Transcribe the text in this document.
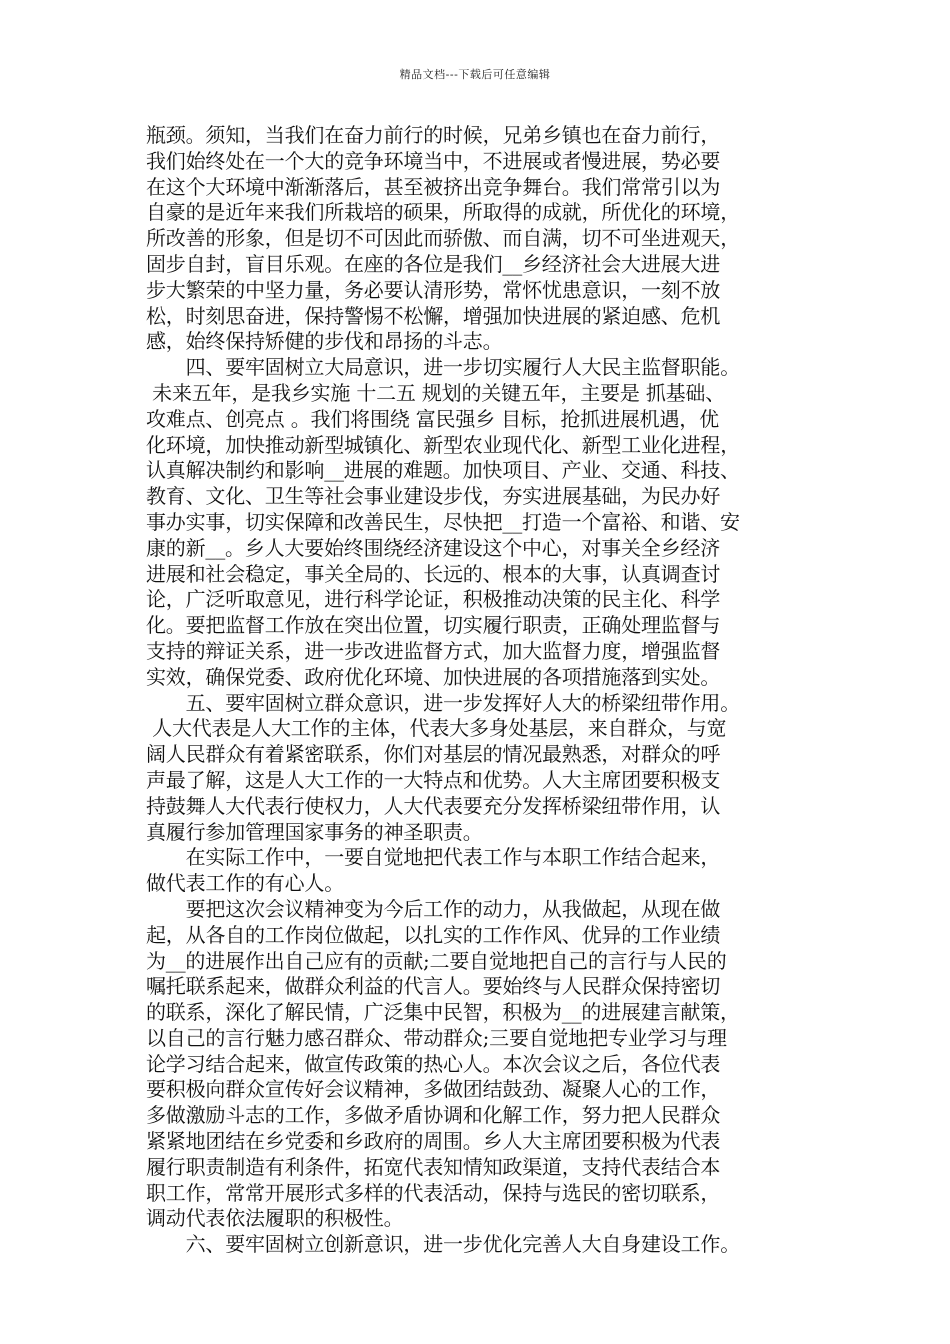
精品文档---下载后可任意编辑
瓶颈。须知，当我们在奋力前行的时候，兄弟乡镇也在奋力前行，
我们始终处在一个大的竞争环境当中，不进展或者慢进展，势必要
在这个大环境中渐渐落后，甚至被挤出竞争舞台。我们常常引以为
自豪的是近年来我们所栽培的硕果，所取得的成就，所优化的环境，
所改善的形象，但是切不可因此而骄傲、而自满，切不可坐进观天，
固步自封，盲目乐观。在座的各位是我们__乡经济社会大进展大进
步大繁荣的中坚力量，务必要认清形势，常怀忧患意识，一刻不放
松，时刻思奋进，保持警惕不松懈，增强加快进展的紧迫感、危机
感，始终保持矫健的步伐和昂扬的斗志。
　　四、要牢固树立大局意识，进一步切实履行人大民主监督职能。
未来五年，是我乡实施 十二五 规划的关键五年，主要是 抓基础、
攻难点、创亮点 。我们将围绕 富民强乡 目标，抢抓进展机遇，优
化环境，加快推动新型城镇化、新型农业现代化、新型工业化进程，
认真解决制约和影响__进展的难题。加快项目、产业、交通、科技、
教育、文化、卫生等社会事业建设步伐，夯实进展基础，为民办好
事办实事，切实保障和改善民生，尽快把__打造一个富裕、和谐、安
康的新__。乡人大要始终围绕经济建设这个中心，对事关全乡经济
进展和社会稳定，事关全局的、长远的、根本的大事，认真调查讨
论，广泛听取意见，进行科学论证，积极推动决策的民主化、科学
化。要把监督工作放在突出位置，切实履行职责，正确处理监督与
支持的辩证关系，进一步改进监督方式，加大监督力度，增强监督
实效，确保党委、政府优化环境、加快进展的各项措施落到实处。
　　五、要牢固树立群众意识，进一步发挥好人大的桥梁纽带作用。
人大代表是人大工作的主体，代表大多身处基层，来自群众，与宽
阔人民群众有着紧密联系，你们对基层的情况最熟悉，对群众的呼
声最了解，这是人大工作的一大特点和优势。人大主席团要积极支
持鼓舞人大代表行使权力，人大代表要充分发挥桥梁纽带作用，认
真履行参加管理国家事务的神圣职责。
　　在实际工作中，一要自觉地把代表工作与本职工作结合起来，
做代表工作的有心人。
　　要把这次会议精神变为今后工作的动力，从我做起，从现在做
起，从各自的工作岗位做起，以扎实的工作作风、优异的工作业绩
为__的进展作出自己应有的贡献;二要自觉地把自己的言行与人民的
嘱托联系起来，做群众利益的代言人。要始终与人民群众保持密切
的联系，深化了解民情，广泛集中民智，积极为__的进展建言献策，
以自己的言行魅力感召群众、带动群众;三要自觉地把专业学习与理
论学习结合起来，做宣传政策的热心人。本次会议之后，各位代表
要积极向群众宣传好会议精神，多做团结鼓劲、凝聚人心的工作，
多做激励斗志的工作，多做矛盾协调和化解工作，努力把人民群众
紧紧地团结在乡党委和乡政府的周围。乡人大主席团要积极为代表
履行职责制造有利条件，拓宽代表知情知政渠道，支持代表结合本
职工作，常常开展形式多样的代表活动，保持与选民的密切联系，
调动代表依法履职的积极性。
　　六、要牢固树立创新意识，进一步优化完善人大自身建设工作。
